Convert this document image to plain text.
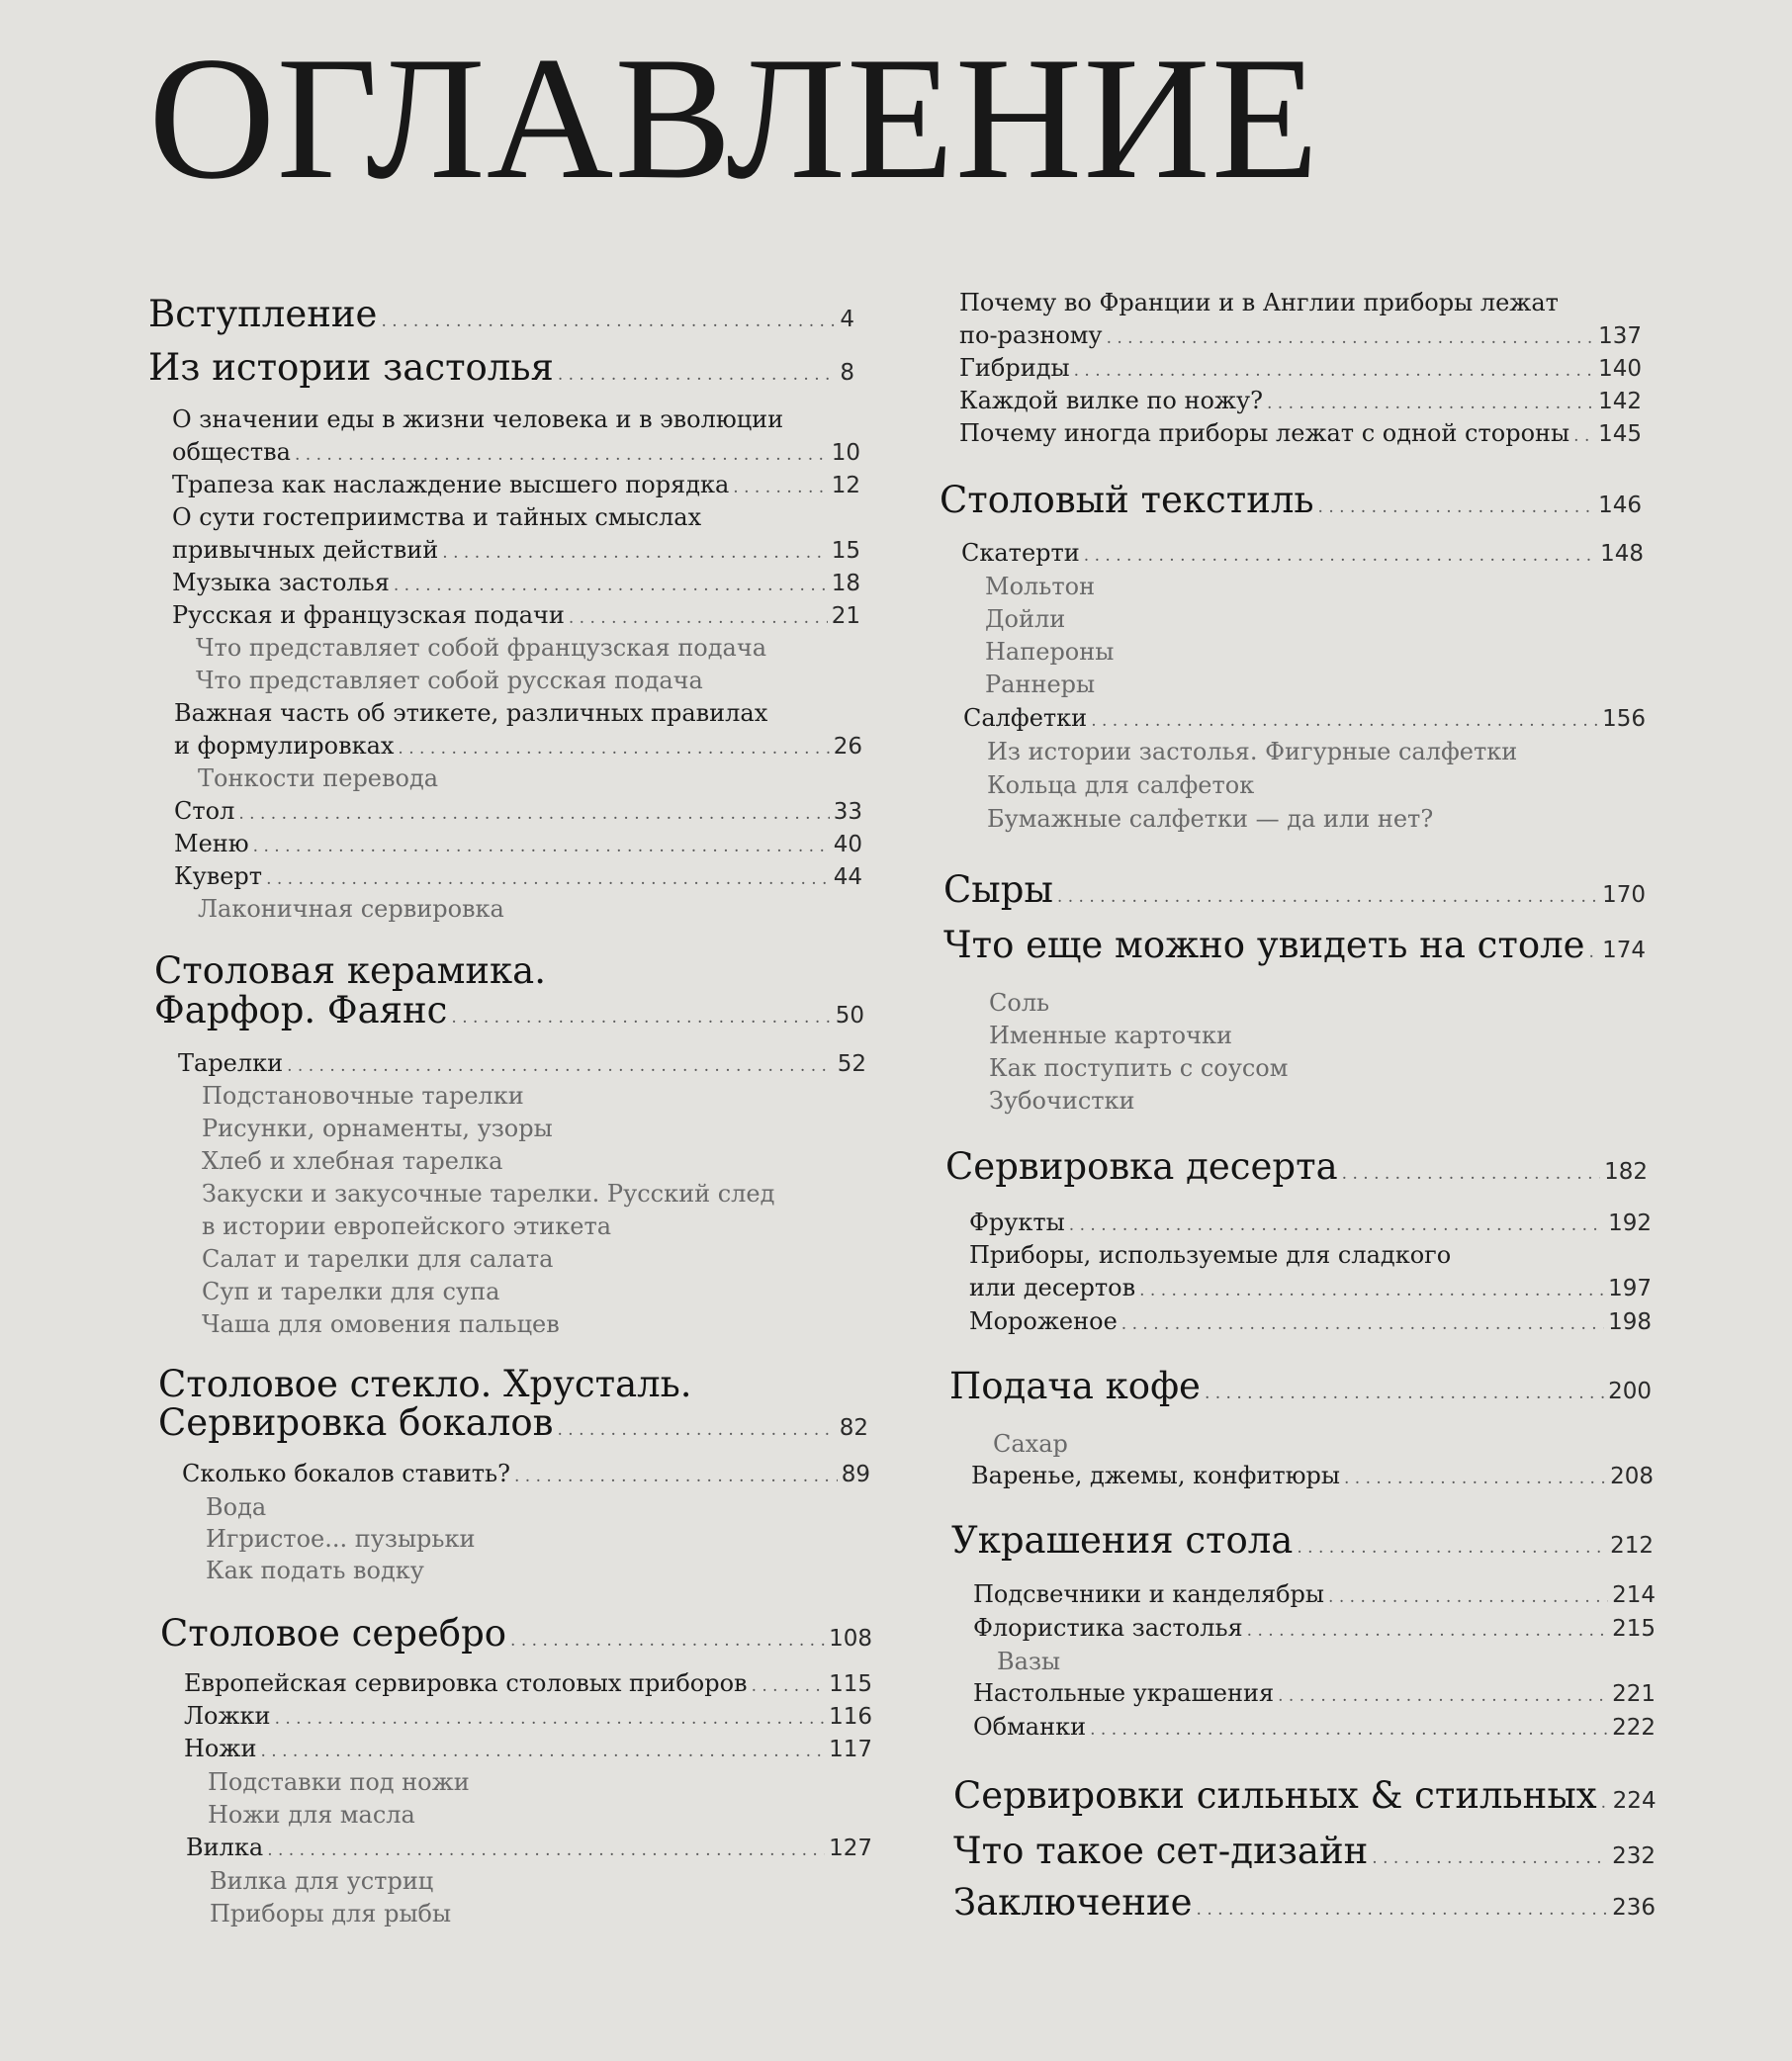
ОГЛАВЛЕНИЕ
Вступление . . .	4
Из истории застолья . . .	8
О значении еды в жизни человека и в эволюции
общества . . .	10
Трапеза как наслаждение высшего порядка . . .	12
О сути гостеприимства и тайных смыслах
привычных действий . . .	15
Музыка застолья . . .	18
Русская и французская подачи . . .	21
Что представляет собой французская подача
Что представляет собой русская подача
Важная часть об этикете, различных правилах
и формулировках . . .	26
Тонкости перевода
Стол . . .	33
Меню . . .	40
Куверт . . .	44
Лаконичная сервировка
Столовая керамика.
Фарфор. Фаянс . . .	50
Тарелки . . .	52
Подстановочные тарелки
Рисунки, орнаменты, узоры
Хлеб и хлебная тарелка
Закуски и закусочные тарелки. Русский след
в истории европейского этикета
Салат и тарелки для салата
Суп и тарелки для супа
Чаша для омовения пальцев
Столовое стекло. Хрусталь.
Сервировка бокалов . . .	82
Сколько бокалов ставить? . . .	89
Вода
Игристое... пузырьки
Как подать водку
Столовое серебро . . .	108
Европейская сервировка столовых приборов . . .	115
Ложки . . .	116
Ножи . . .	117
Подставки под ножи
Ножи для масла
Вилка . . .	127
Вилка для устриц
Приборы для рыбы
Почему во Франции и в Англии приборы лежат
по-разному . . .	137
Гибриды . . .	140
Каждой вилке по ножу? . . .	142
Почему иногда приборы лежат с одной стороны . . . 145
Столовый текстиль . . .	146
Скатерти . . .	148
Мольтон
Дойли
Напероны
Раннеры
Салфетки . . .	156
Из истории застолья. Фигурные салфетки
Кольца для салфеток
Бумажные салфетки — да или нет?
Сыры . . .	170
Что еще можно увидеть на столе . . . 174
Соль
Именные карточки
Как поступить с соусом
Зубочистки
Сервировка десерта . . .	182
Фрукты . . .	192
Приборы, используемые для сладкого
или десертов . . .	197
Мороженое . . .	198
Подача кофе . . .	200
Сахар
Варенье, джемы, конфитюры . . .	208
Украшения стола . . .	212
Подсвечники и канделябры . . .	214
Флористика застолья . . .	215
Вазы
Настольные украшения . . .	221
Обманки . . .	222
Сервировки сильных & стильных . . . 224
Что такое сет-дизайн . . .	232
Заключение . . .	236
